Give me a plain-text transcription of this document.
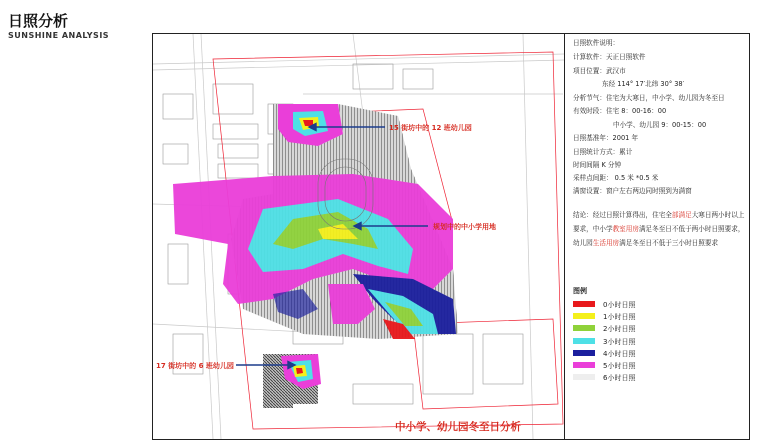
日照分析
SUNSHINE ANALYSIS
15 街坊中的 12 班幼儿园
规划中的中小学用地
17 街坊中的 6 班幼儿园
日照软件说明：
计算软件：天正日照软件
项目位置：武汉市
东经 114° 17′北纬 30° 38′
分析节气：住宅为大寒日，中小学、幼儿园为冬至日
有效时段：住宅 8：00-16：00
中小学、幼儿园 9：00-15：00
日照基准年：2001 年
日照统计方式：累计
时间间隔 K 分钟
采样点间距： 0.5 米 *0.5 米
满窗设置：窗户左右两边同时照到为满窗
结论：经过日照计算得出，住宅全部满足大寒日两小时以上
要求，中小学教室用房满足冬至日不低于两小时日照要求，
幼儿园生活用房满足冬至日不低于三小时日照要求
图例
0小时日照
1小时日照
2小时日照
3小时日照
4小时日照
5小时日照
6小时日照
中小学、幼儿园冬至日分析
